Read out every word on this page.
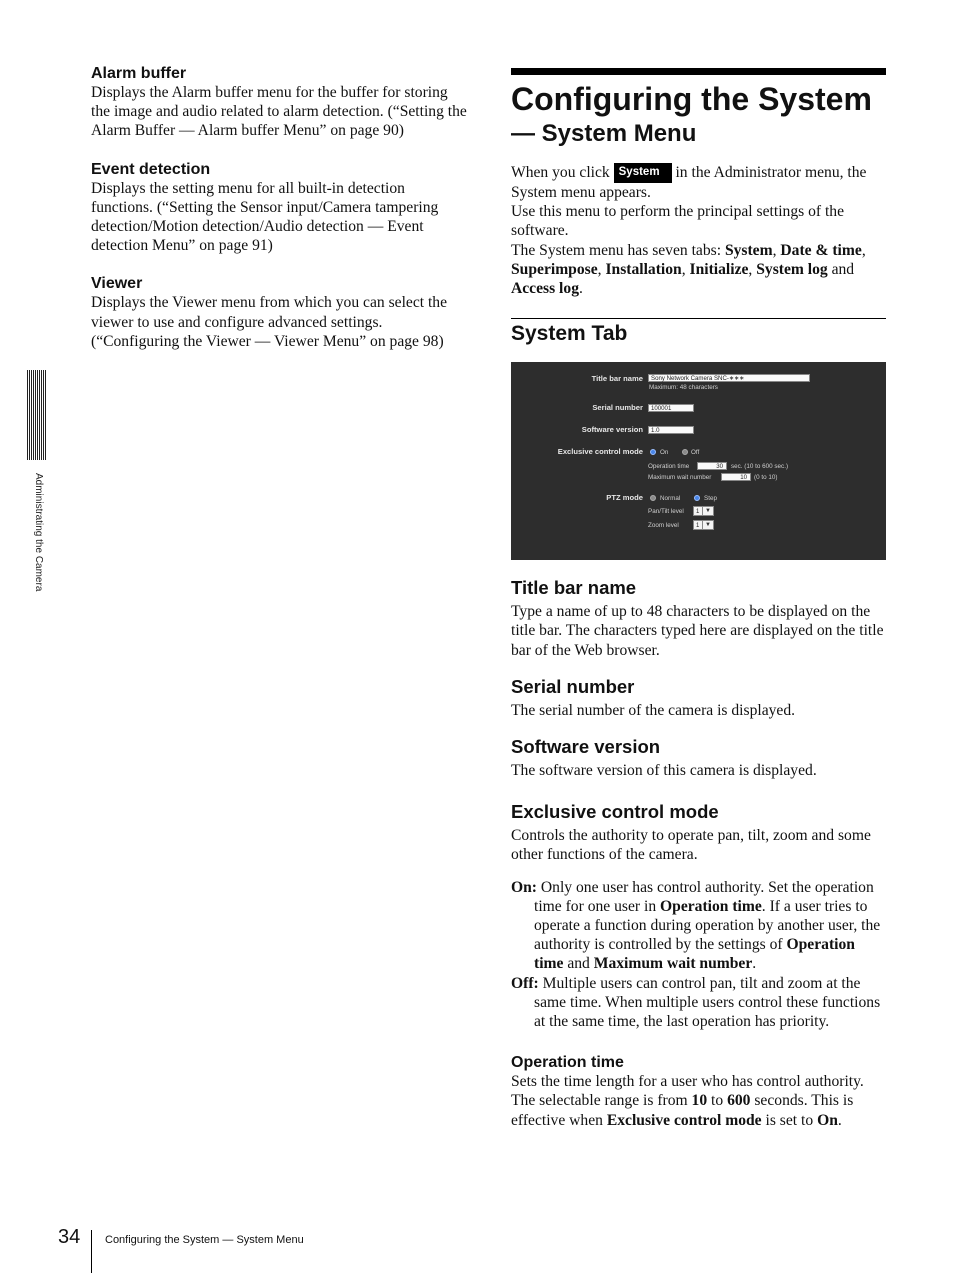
Alarm buffer

Displays the Alarm buffer menu for the buffer for storing the image and audio related to alarm detection. (“Setting the Alarm Buffer — Alarm buffer Menu” on page 90)

Event detection

Displays the setting menu for all built-in detection functions. (“Setting the Sensor input/Camera tampering detection/Motion detection/Audio detection — Event detection Menu” on page 91)

Viewer

Displays the Viewer menu from which you can select the viewer to use and configure advanced settings. (“Configuring the Viewer — Viewer Menu” on page 98)

Administrating the Camera
Configuring the System
— System Menu

When you click System in the Administrator menu, the System menu appears.

Use this menu to perform the principal settings of the software.

The System menu has seven tabs: System, Date & time, Superimpose, Installation, Initialize, System log and Access log.

System Tab
Title bar name	Sony Network Camera SNC-∗∗∗
Maximum: 48 characters
Serial number	100001
Software version	1.0
Exclusive control mode	On	Off
Operation time	30	sec. (10 to 600 sec.)
Maximum wait number	10	(0 to 10)
PTZ mode	Normal	Step
Pan/Tilt level	1 ▼
Zoom level	1 ▼
Title bar name

Type a name of up to 48 characters to be displayed on the title bar. The characters typed here are displayed on the title bar of the Web browser.

Serial number

The serial number of the camera is displayed.

Software version

The software version of this camera is displayed.

Exclusive control mode

Controls the authority to operate pan, tilt, zoom and some other functions of the camera.

On: Only one user has control authority. Set the operation time for one user in Operation time. If a user tries to operate a function during operation by another user, the authority is controlled by the settings of Operation time and Maximum wait number.

Off: Multiple users can control pan, tilt and zoom at the same time. When multiple users control these functions at the same time, the last operation has priority.

Operation time

Sets the time length for a user who has control authority. The selectable range is from 10 to 600 seconds. This is effective when Exclusive control mode is set to On.

34 Configuring the System — System Menu
